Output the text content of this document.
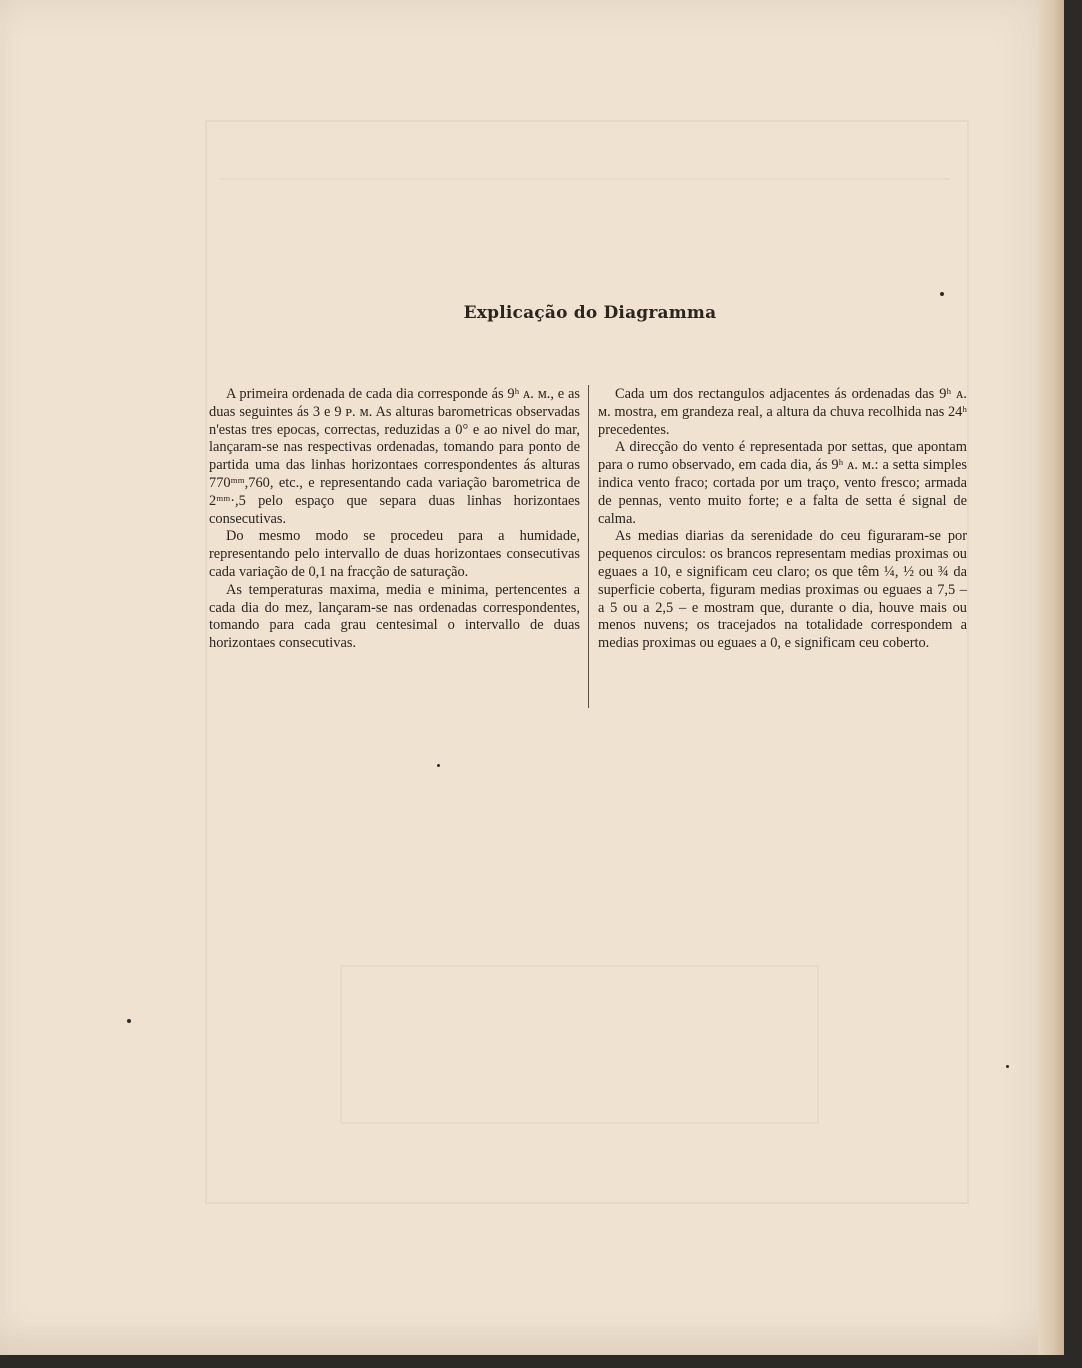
Explicação do Diagramma

A primeira ordenada de cada dia corresponde ás 9ʰ ᴀ. ᴍ., e as duas seguintes ás 3 e 9 ᴘ. ᴍ. As alturas barometricas observadas n'estas tres epocas, correctas, reduzidas a 0° e ao nivel do mar, lançaram-se nas respectivas ordenadas, tomando para ponto de partida uma das linhas horizontaes correspondentes ás alturas 770ᵐᵐ,760, etc., e representando cada variação barometrica de 2ᵐᵐ·,5 pelo espaço que separa duas linhas horizontaes consecutivas.

Do mesmo modo se procedeu para a humidade, representando pelo intervallo de duas horizontaes consecutivas cada variação de 0,1 na fracção de saturação.

As temperaturas maxima, media e minima, pertencentes a cada dia do mez, lançaram-se nas ordenadas correspondentes, tomando para cada grau centesimal o intervallo de duas horizontaes consecutivas.

Cada um dos rectangulos adjacentes ás ordenadas das 9ʰ ᴀ. ᴍ. mostra, em grandeza real, a altura da chuva recolhida nas 24ʰ precedentes.

A direcção do vento é representada por settas, que apontam para o rumo observado, em cada dia, ás 9ʰ ᴀ. ᴍ.: a setta simples indica vento fraco; cortada por um traço, vento fresco; armada de pennas, vento muito forte; e a falta de setta é signal de calma.

As medias diarias da serenidade do ceu figuraram-se por pequenos circulos: os brancos representam medias proximas ou eguaes a 10, e significam ceu claro; os que têm ¼, ½ ou ¾ da superficie coberta, figuram medias proximas ou eguaes a 7,5 – a 5 ou a 2,5 – e mostram que, durante o dia, houve mais ou menos nuvens; os tracejados na totalidade correspondem a medias proximas ou eguaes a 0, e significam ceu coberto.
